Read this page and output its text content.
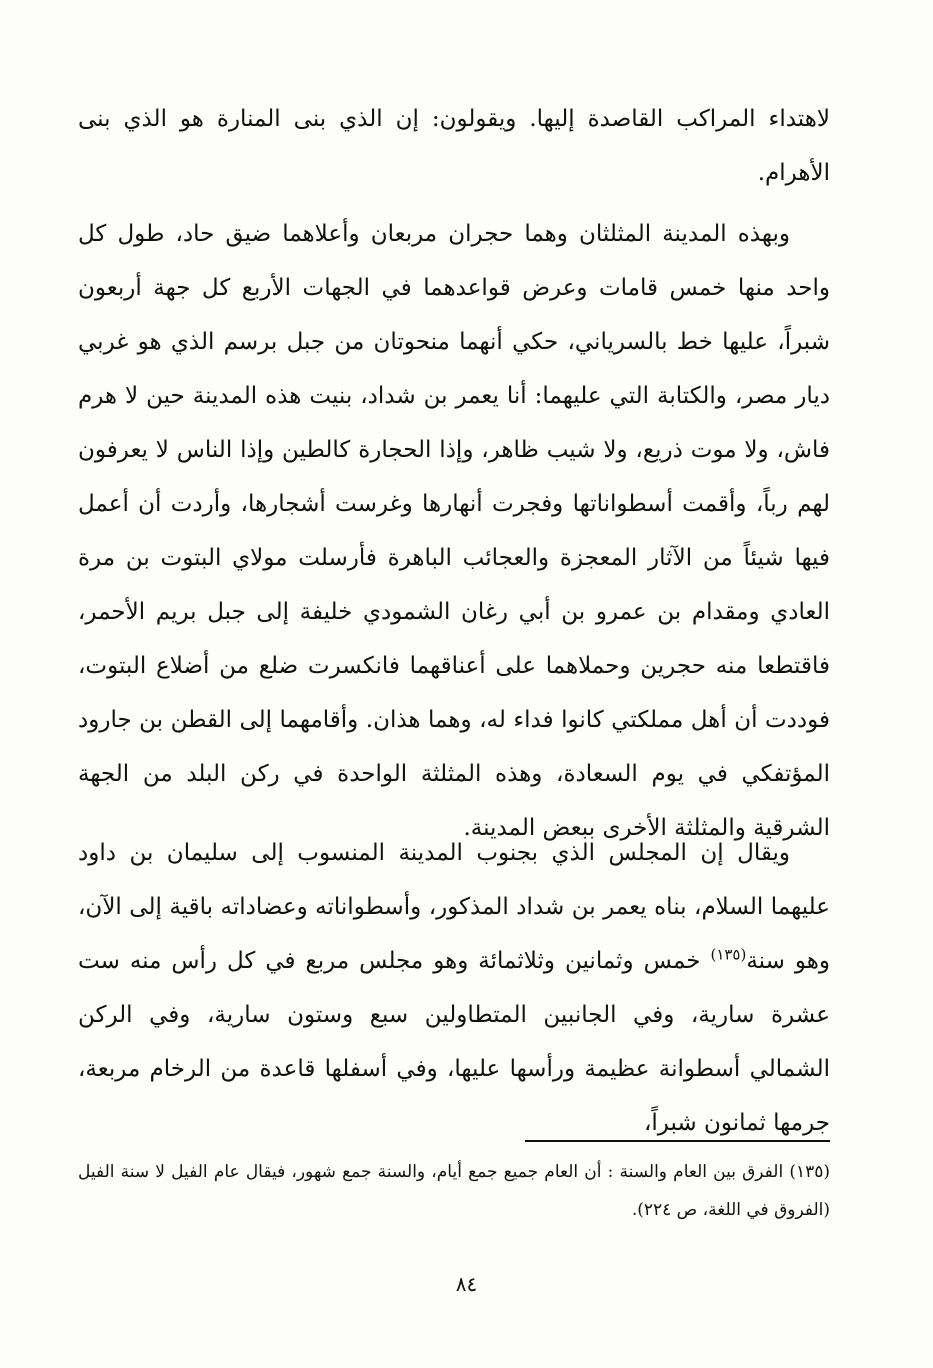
لاهتداء المراكب القاصدة إليها. ويقولون: إن الذي بنى المنارة هو الذي بنى الأهرام.

وبهذه المدينة المثلثان وهما حجران مربعان وأعلاهما ضيق حاد، طول كل واحد منها خمس قامات وعرض قواعدهما في الجهات الأربع كل جهة أربعون شبراً، عليها خط بالسرياني، حكي أنهما منحوتان من جبل برسم الذي هو غربي ديار مصر، والكتابة التي عليهما: أنا يعمر بن شداد، بنيت هذه المدينة حين لا هرم فاش، ولا موت ذريع، ولا شيب ظاهر، وإذا الحجارة كالطين وإذا الناس لا يعرفون لهم رباً، وأقمت أسطواناتها وفجرت أنهارها وغرست أشجارها، وأردت أن أعمل فيها شيئاً من الآثار المعجزة والعجائب الباهرة فأرسلت مولاي البتوت بن مرة العادي ومقدام بن عمرو بن أبي رغان الشمودي خليفة إلى جبل بريم الأحمر، فاقتطعا منه حجرين وحملاهما على أعناقهما فانكسرت ضلع من أضلاع البتوت، فوددت أن أهل مملكتي كانوا فداء له، وهما هذان. وأقامهما إلى القطن بن جارود المؤتفكي في يوم السعادة، وهذه المثلثة الواحدة في ركن البلد من الجهة الشرقية والمثلثة الأخرى ببعض المدينة.

ويقال إن المجلس الذي بجنوب المدينة المنسوب إلى سليمان بن داود عليهما السلام، بناه يعمر بن شداد المذكور، وأسطواناته وعضاداته باقية إلى الآن، وهو سنة$^{(١٣٥)}$ خمس وثمانين وثلاثمائة وهو مجلس مربع في كل رأس منه ست عشرة سارية، وفي الجانبين المتطاولين سبع وستون سارية، وفي الركن الشمالي أسطوانة عظيمة ورأسها عليها، وفي أسفلها قاعدة من الرخام مربعة، جرمها ثمانون شبراً،

(١٣٥) الفرق بين العام والسنة : أن العام جميع جمع أيام، والسنة جمع شهور، فيقال عام الفيل لا سنة الفيل (الفروق في اللغة، ص ٢٢٤).

٨٤
